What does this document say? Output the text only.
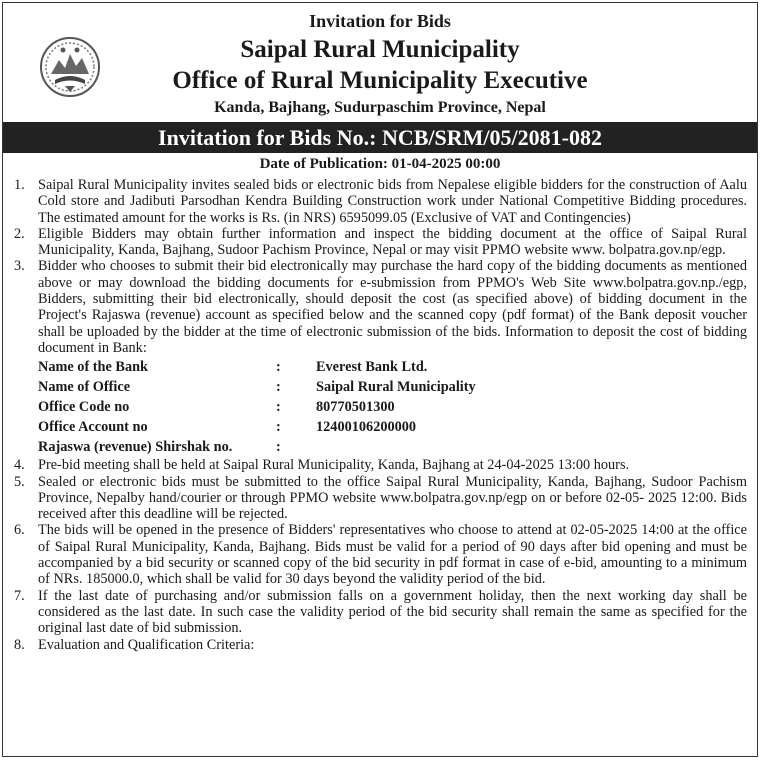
Invitation for Bids
Saipal Rural Municipality
Office of Rural Municipality Executive
Kanda, Bajhang, Sudurpaschim Province, Nepal
Invitation for Bids No.: NCB/SRM/05/2081-082
Date of Publication: 01-04-2025 00:00
1. Saipal Rural Municipality invites sealed bids or electronic bids from Nepalese eligible bidders for the construction of Aalu Cold store and Jadibuti Parsodhan Kendra Building Construction work under National Competitive Bidding procedures. The estimated amount for the works is Rs. (in NRS) 6595099.05 (Exclusive of VAT and Contingencies)
2. Eligible Bidders may obtain further information and inspect the bidding document at the office of Saipal Rural Municipality, Kanda, Bajhang, Sudoor Pachism Province, Nepal or may visit PPMO website www. bolpatra.gov.np/egp.
3. Bidder who chooses to submit their bid electronically may purchase the hard copy of the bidding documents as mentioned above or may download the bidding documents for e-submission from PPMO's Web Site www.bolpatra.gov.np./egp, Bidders, submitting their bid electronically, should deposit the cost (as specified above) of bidding document in the Project's Rajaswa (revenue) account as specified below and the scanned copy (pdf format) of the Bank deposit voucher shall be uploaded by the bidder at the time of electronic submission of the bids. Information to deposit the cost of bidding document in Bank:
Name of the Bank	:	Everest Bank Ltd.
Name of Office	:	Saipal Rural Municipality
Office Code no	:	80770501300
Office Account no	:	12400106200000
Rajaswa (revenue) Shirshak no.	:	
4. Pre-bid meeting shall be held at Saipal Rural Municipality, Kanda, Bajhang at 24-04-2025 13:00 hours.
5. Sealed or electronic bids must be submitted to the office Saipal Rural Municipality, Kanda, Bajhang, Sudoor Pachism Province, Nepalby hand/courier or through PPMO website www.bolpatra.gov.np/egp on or before 02-05- 2025 12:00. Bids received after this deadline will be rejected.
6. The bids will be opened in the presence of Bidders' representatives who choose to attend at 02-05-2025 14:00 at the office of Saipal Rural Municipality, Kanda, Bajhang. Bids must be valid for a period of 90 days after bid opening and must be accompanied by a bid security or scanned copy of the bid security in pdf format in case of e-bid, amounting to a minimum of NRs. 185000.0, which shall be valid for 30 days beyond the validity period of the bid.
7. If the last date of purchasing and/or submission falls on a government holiday, then the next working day shall be considered as the last date. In such case the validity period of the bid security shall remain the same as specified for the original last date of bid submission.
8. Evaluation and Qualification Criteria:
